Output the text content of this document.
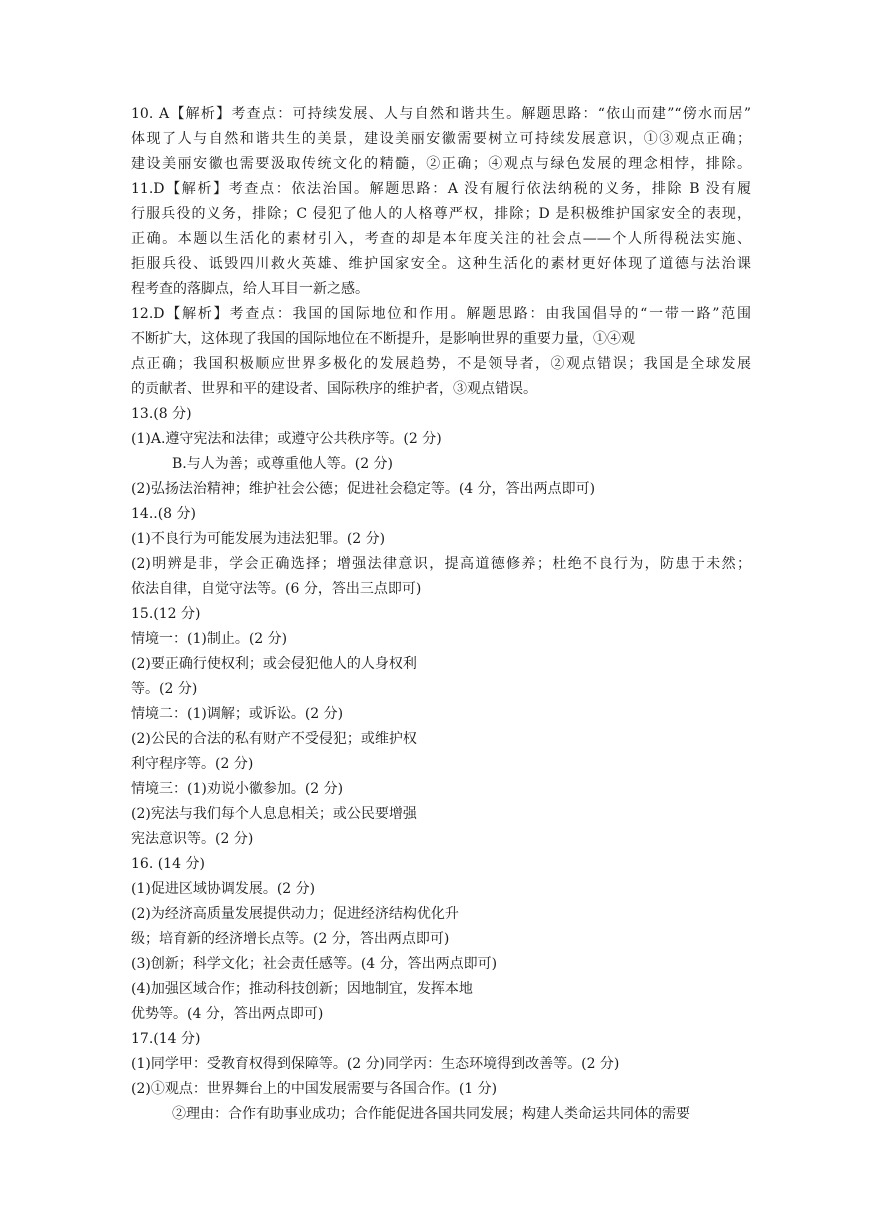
10. A【解析】考查点：可持续发展、人与自然和谐共生。解题思路：“依山而建”“傍水而居”
体现了人与自然和谐共生的美景，建设美丽安徽需要树立可持续发展意识，①③观点正确；
建设美丽安徽也需要汲取传统文化的精髓，②正确；④观点与绿色发展的理念相悖，排除。
11.D【解析】考查点：依法治国。解题思路：A 没有履行依法纳税的义务，排除 B 没有履
行服兵役的义务，排除；C 侵犯了他人的人格尊严权，排除；D 是积极维护国家安全的表现，
正确。本题以生活化的素材引入，考查的却是本年度关注的社会点——个人所得税法实施、
拒服兵役、诋毁四川救火英雄、维护国家安全。这种生活化的素材更好体现了道德与法治课
程考查的落脚点，给人耳目一新之感。
12.D【解析】考查点：我国的国际地位和作用。解题思路：由我国倡导的“一带一路”范围
不断扩大，这体现了我国的国际地位在不断提升，是影响世界的重要力量，①④观
点正确；我国积极顺应世界多极化的发展趋势，不是领导者，②观点错误；我国是全球发展
的贡献者、世界和平的建设者、国际秩序的维护者，③观点错误。
13.(8 分)
(1)A.遵守宪法和法律；或遵守公共秩序等。(2 分)
B.与人为善；或尊重他人等。(2 分)
(2)弘扬法治精神；维护社会公德；促进社会稳定等。(4 分，答出两点即可)
14..(8 分)
(1)不良行为可能发展为违法犯罪。(2 分)
(2)明辨是非，学会正确选择；增强法律意识，提高道德修养；杜绝不良行为，防患于未然；
依法自律，自觉守法等。(6 分，答出三点即可)
15.(12 分)
情境一：(1)制止。(2 分)
(2)要正确行使权利；或会侵犯他人的人身权利
等。(2 分)
情境二：(1)调解；或诉讼。(2 分)
(2)公民的合法的私有财产不受侵犯；或维护权
利守程序等。(2 分)
情境三：(1)劝说小徽参加。(2 分)
(2)宪法与我们每个人息息相关；或公民要增强
宪法意识等。(2 分)
16. (14 分)
(1)促进区域协调发展。(2 分)
(2)为经济高质量发展提供动力；促进经济结构优化升
级；培育新的经济增长点等。(2 分，答出两点即可)
(3)创新；科学文化；社会责任感等。(4 分，答出两点即可)
(4)加强区域合作；推动科技创新；因地制宜，发挥本地
优势等。(4 分，答出两点即可)
17.(14 分)
(1)同学甲：受教育权得到保障等。(2 分)同学丙：生态环境得到改善等。(2 分)
(2)①观点：世界舞台上的中国发展需要与各国合作。(1 分)
②理由：合作有助事业成功；合作能促进各国共同发展；构建人类命运共同体的需要
